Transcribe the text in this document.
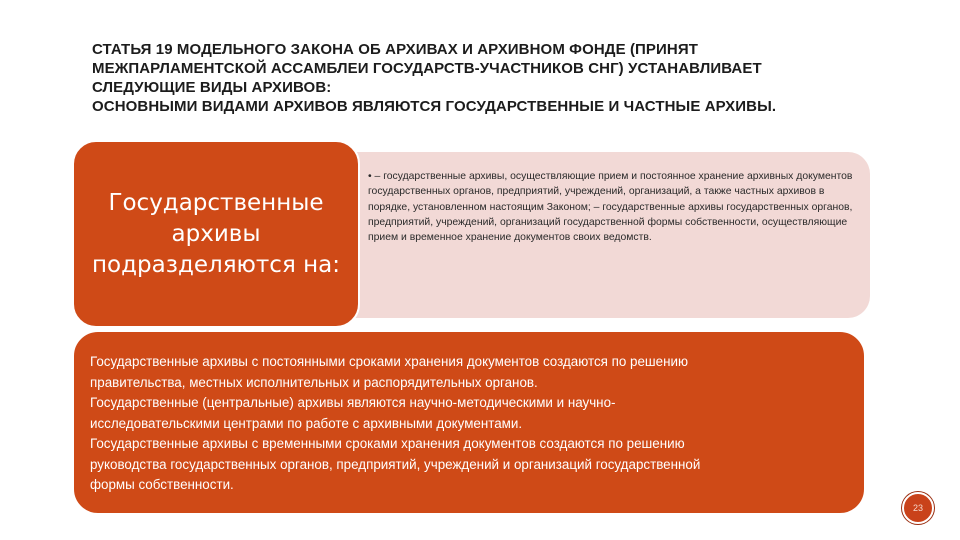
СТАТЬЯ 19 МОДЕЛЬНОГО ЗАКОНА ОБ АРХИВАХ И АРХИВНОМ ФОНДЕ (ПРИНЯТ
МЕЖПАРЛАМЕНТСКОЙ АССАМБЛЕИ ГОСУДАРСТВ-УЧАСТНИКОВ СНГ) УСТАНАВЛИВАЕТ
СЛЕДУЮЩИЕ ВИДЫ АРХИВОВ:
ОСНОВНЫМИ ВИДАМИ АРХИВОВ ЯВЛЯЮТСЯ ГОСУДАРСТВЕННЫЕ И ЧАСТНЫЕ АРХИВЫ.
Государственные архивы подразделяются на:

• – государственные архивы, осуществляющие прием и постоянное хранение архивных документов государственных органов, предприятий, учреждений, организаций, а также частных архивов в порядке, установленном настоящим Законом; – государственные архивы государственных органов, предприятий, учреждений, организаций государственной формы собственности, осуществляющие прием и временное хранение документов своих ведомств.

Государственные архивы с постоянными сроками хранения документов создаются по решению
правительства, местных исполнительных и распорядительных органов.
Государственные (центральные) архивы являются научно-методическими и научно-
исследовательскими центрами по работе с архивными документами.
Государственные архивы с временными сроками хранения документов создаются по решению
руководства государственных органов, предприятий, учреждений и организаций государственной
формы собственности.
23
